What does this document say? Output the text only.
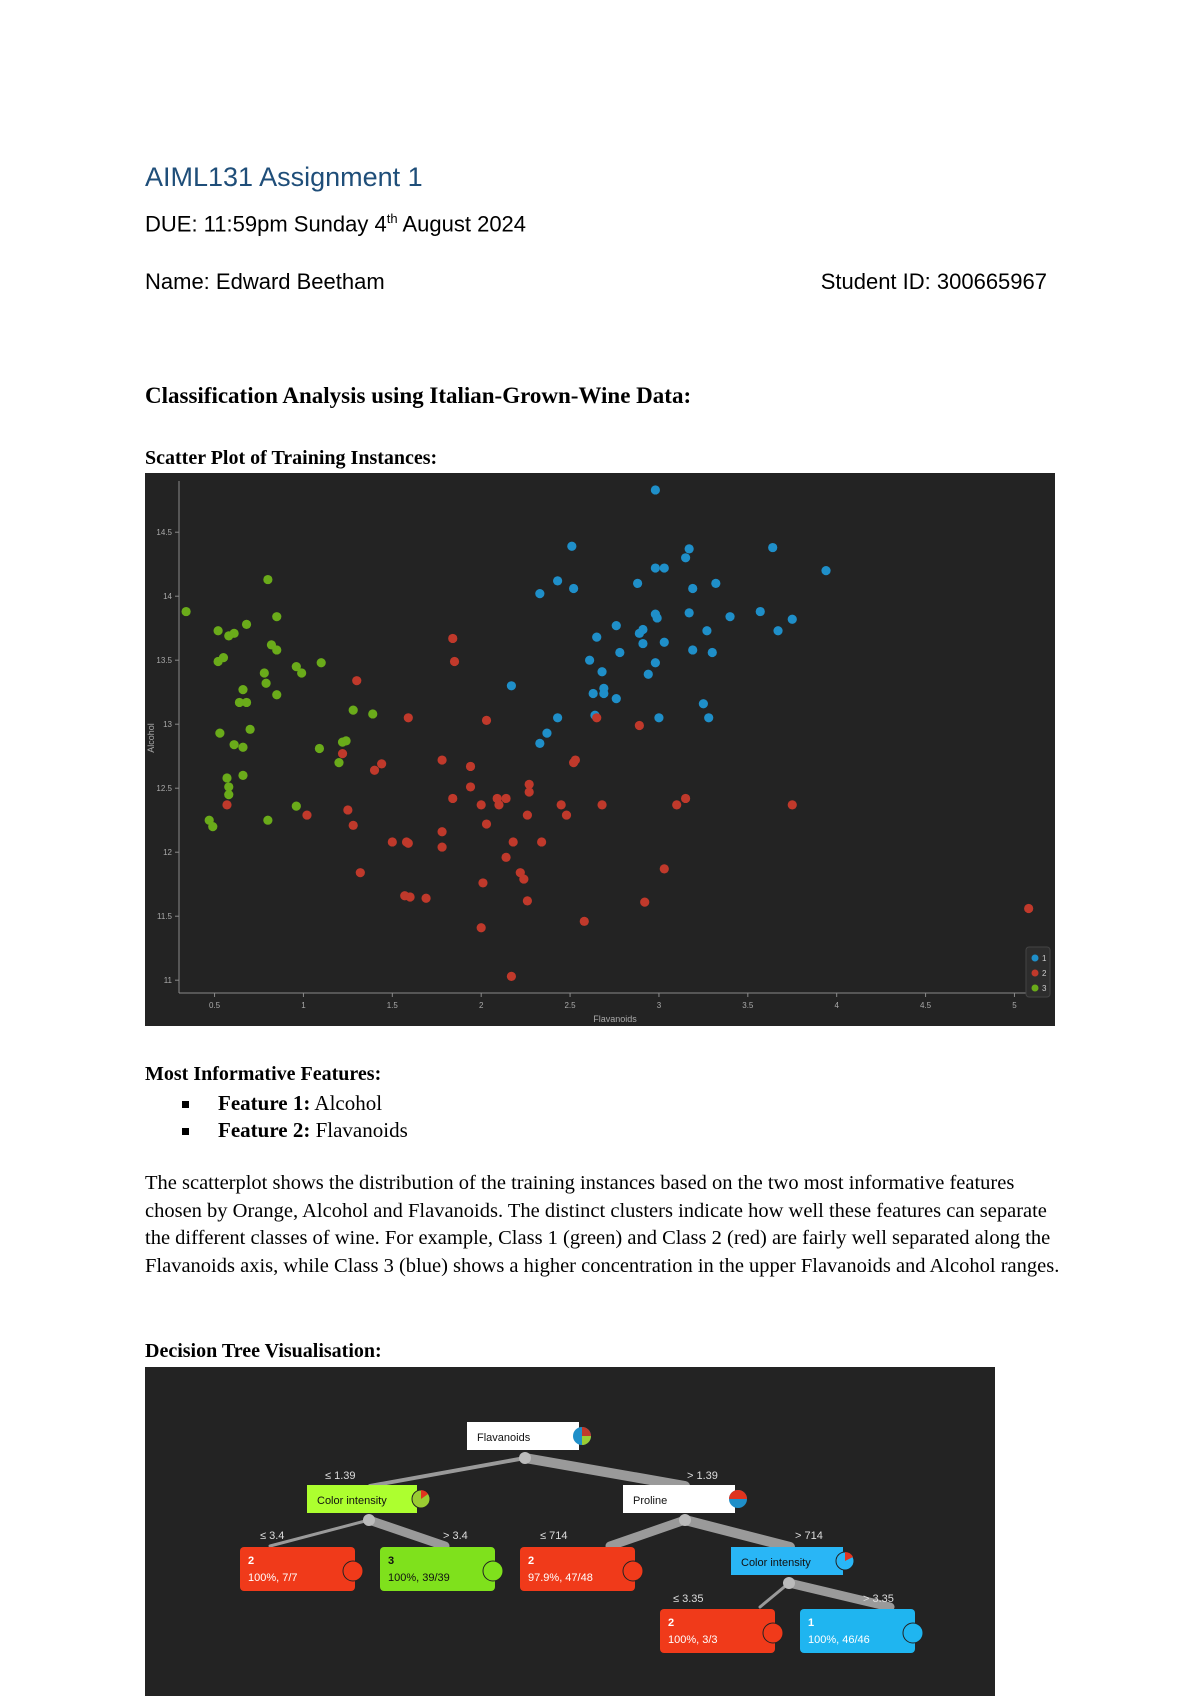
AIML131 Assignment 1
DUE: 11:59pm Sunday 4th August 2024
Name: Edward Beetham	Student ID: 300665967
Classification Analysis using Italian-Grown-Wine Data:
Scatter Plot of Training Instances:
0.5	1	1.5	2	2.5	3	3.5	4	4.5	5
11
11.5
12
12.5
13
13.5
14
14.5
Flavanoids
Alcohol
1
2
3
Most Informative Features:
Feature 1: Alcohol
Feature 2: Flavanoids
The scatterplot shows the distribution of the training instances based on the two most informative features chosen by Orange, Alcohol and Flavanoids. The distinct clusters indicate how well these features can separate the different classes of wine. For example, Class 1 (green) and Class 2 (red) are fairly well separated along the Flavanoids axis, while Class 3 (blue) shows a higher concentration in the upper Flavanoids and Alcohol ranges.
Decision Tree Visualisation:
≤ 1.39	> 1.39
≤ 3.4	> 3.4	≤ 714	> 714
≤ 3.35	> 3.35
Flavanoids
Color intensity	Proline
Color intensity
2
100%, 7/7
3
100%, 39/39
2
97.9%, 47/48
2
100%, 3/3
1
100%, 46/46
